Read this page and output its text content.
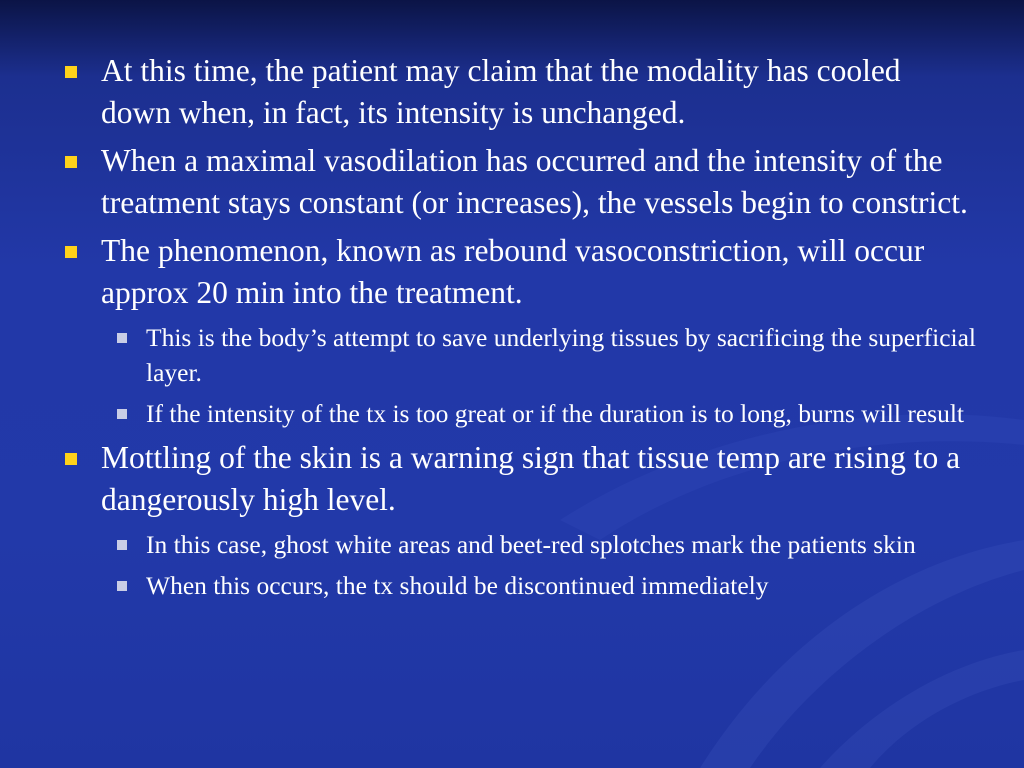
At this time, the patient may claim that the modality has cooled down when, in fact, its intensity is unchanged.
When a maximal vasodilation has occurred and the intensity of the treatment stays constant (or increases), the vessels begin to constrict.
The phenomenon, known as rebound vasoconstriction, will occur approx 20 min into the treatment.
This is the body’s attempt to save underlying tissues by sacrificing the superficial layer.
If the intensity of the tx is too great or if the duration is to long, burns will result
Mottling of the skin is a warning sign that tissue temp are rising to a dangerously high level.
In this case, ghost white areas and beet-red splotches mark the patients skin
When this occurs, the tx should be discontinued immediately
